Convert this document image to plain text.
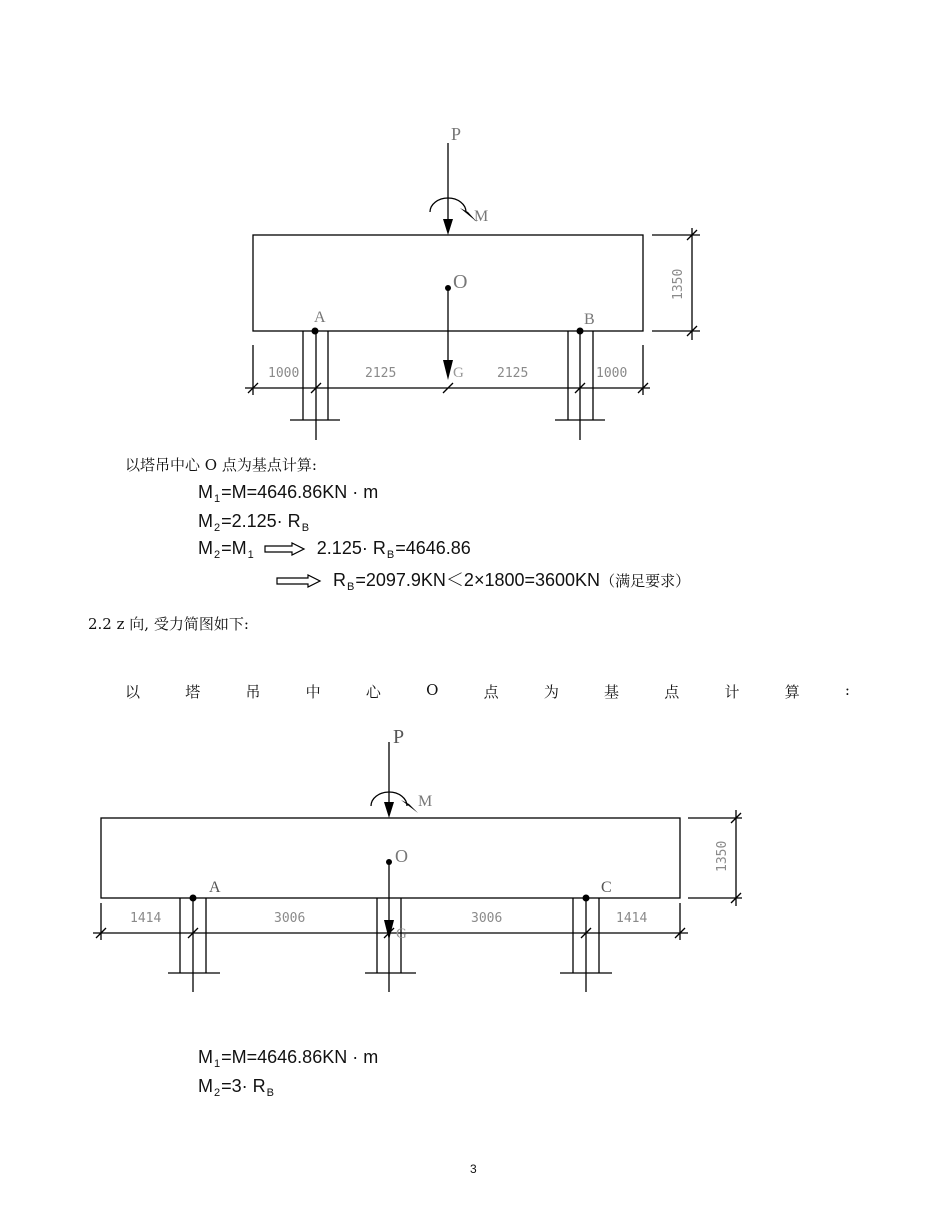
P
M
O
A	B
G
1000	2125	2125	1000
1350
以塔吊中心 O 点为基点计算:
$M_1=M=4646.86KN \cdot m$
$M_2=2.125\cdot R_B$
$M_2=M_1$	$2.125\cdot R_B=4646.86$
$R_B=2097.9KN<2\times 1800=3600KN$（满足要求）
2.2 z 向, 受力简图如下:
以	塔	吊	中	心	O	点	为	基	点	计	算	:
P
M
O
A	C
G
1414	3006	3006	1414
1350
$M_1=M=4646.86KN \cdot m$
$M_2=3\cdot R_B$
3
